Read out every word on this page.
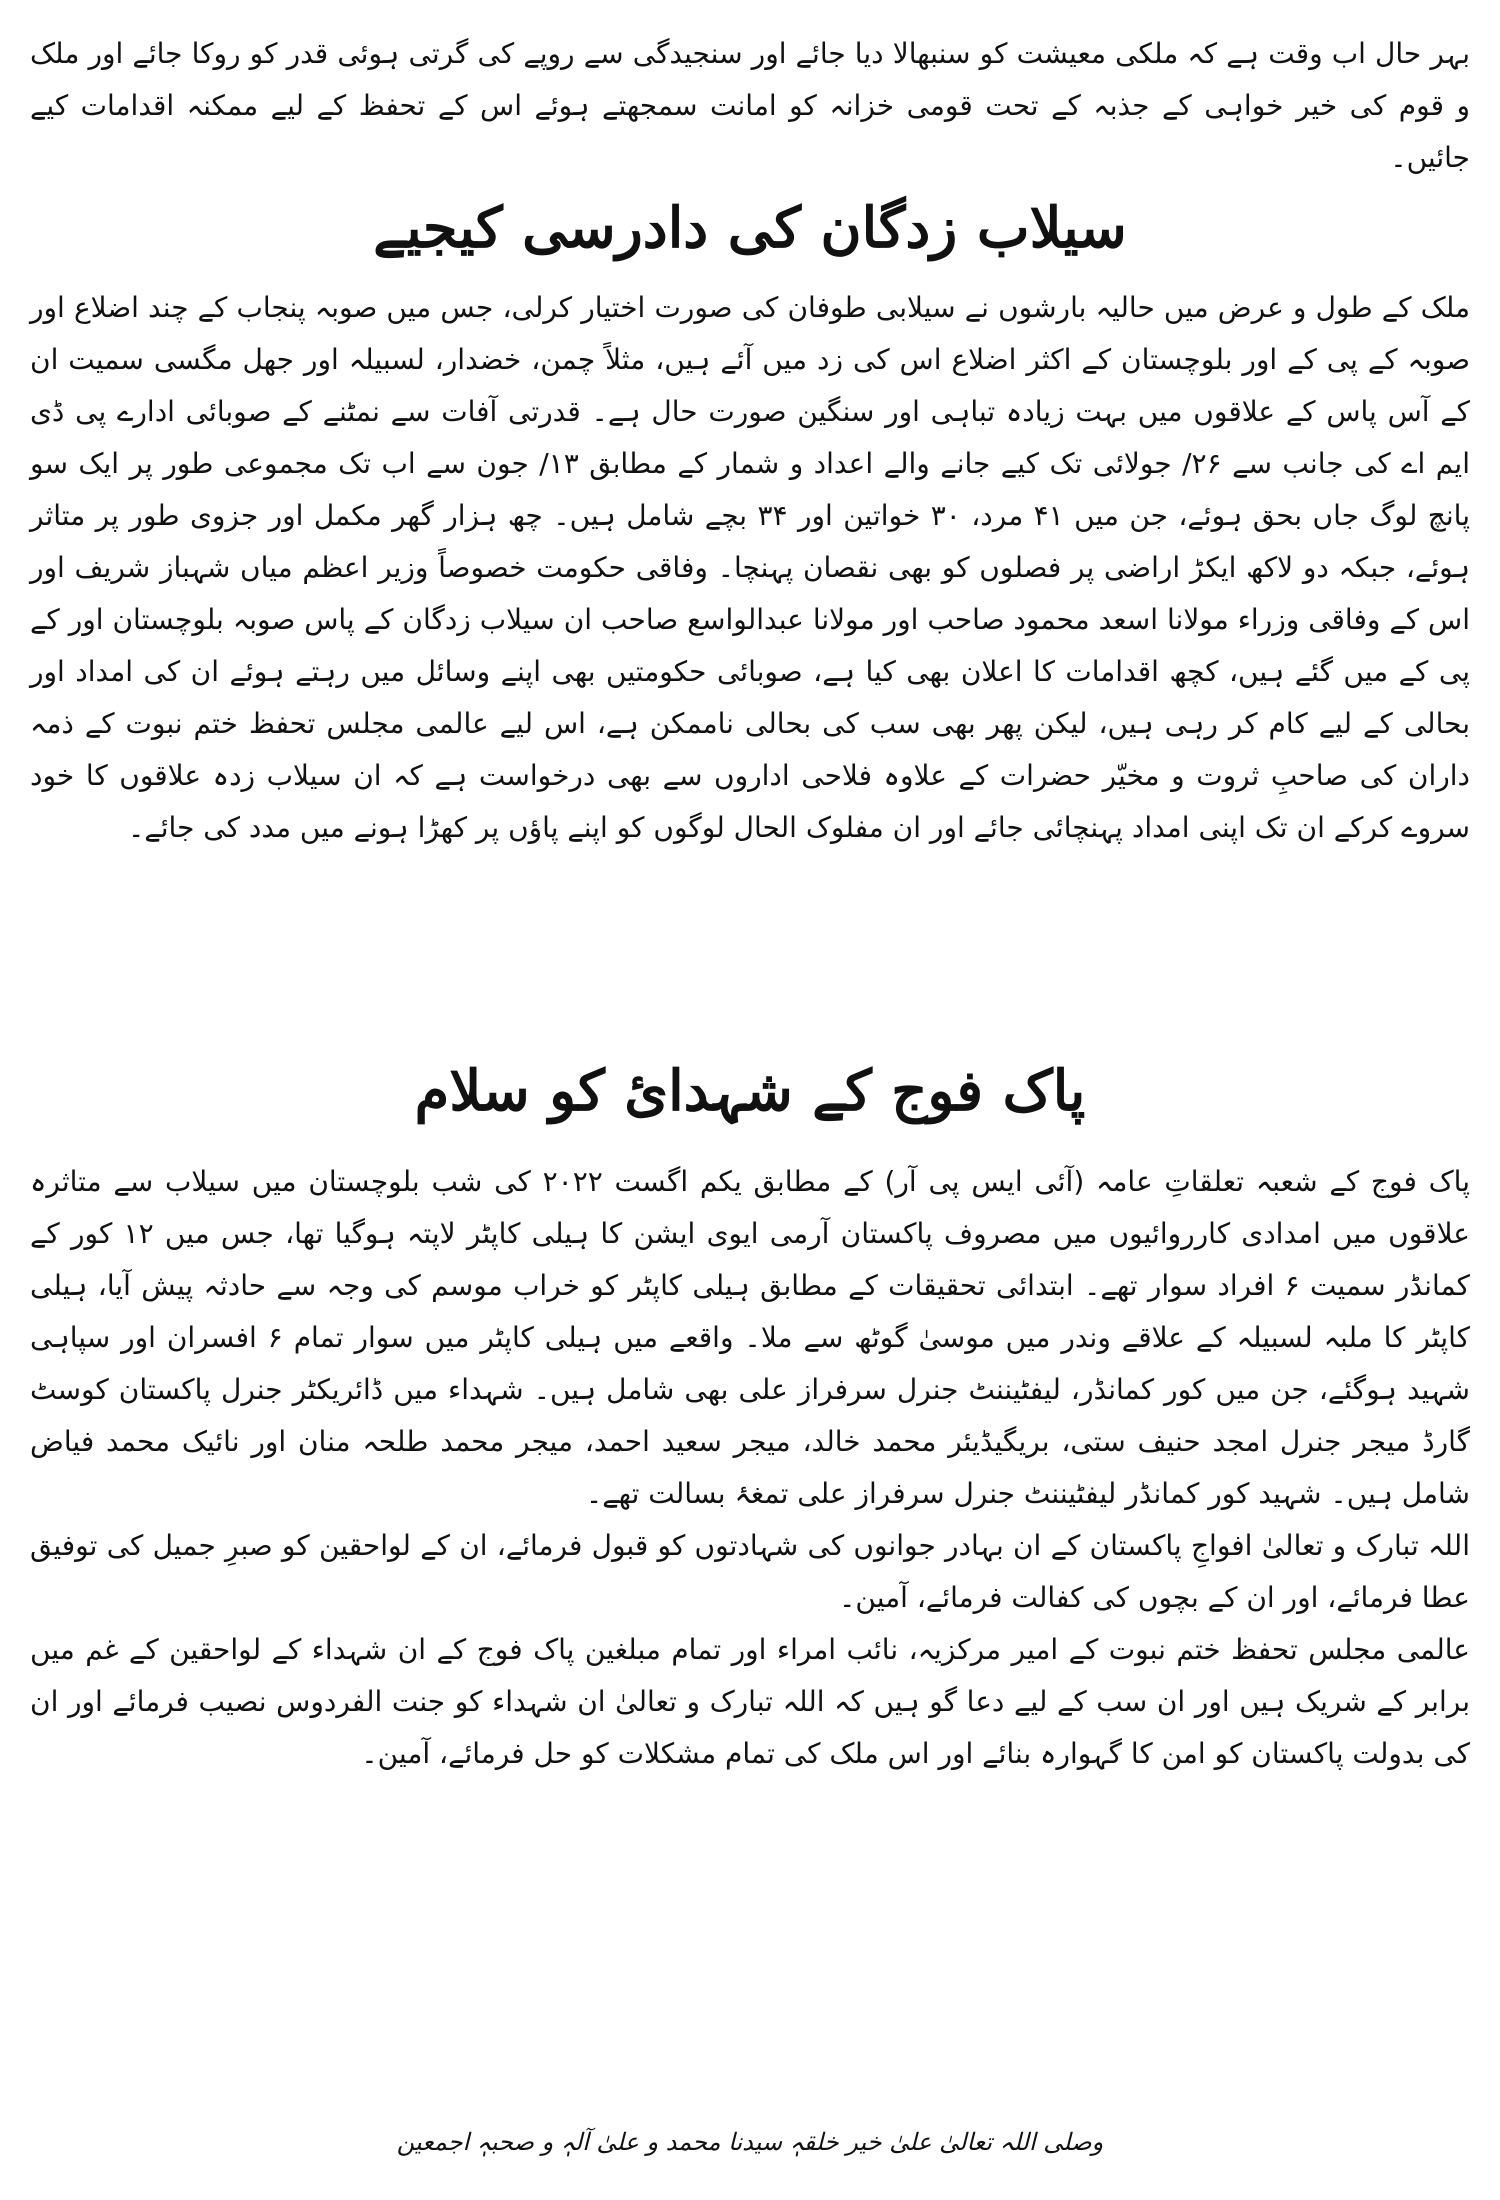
بہر حال اب وقت ہے کہ ملکی معیشت کو سنبھالا دیا جائے اور سنجیدگی سے روپے کی گرتی ہوئی قدر کو روکا جائے اور ملک و قوم کی خیر خواہی کے جذبہ کے تحت قومی خزانہ کو امانت سمجھتے ہوئے اس کے تحفظ کے لیے ممکنہ اقدامات کیے جائیں۔

سیلاب زدگان کی دادرسی کیجیے

ملک کے طول و عرض میں حالیہ بارشوں نے سیلابی طوفان کی صورت اختیار کرلی، جس میں صوبہ پنجاب کے چند اضلاع اور صوبہ کے پی کے اور بلوچستان کے اکثر اضلاع اس کی زد میں آئے ہیں، مثلاً چمن، خضدار، لسبیلہ اور جھل مگسی سمیت ان کے آس پاس کے علاقوں میں بہت زیادہ تباہی اور سنگین صورت حال ہے۔ قدرتی آفات سے نمٹنے کے صوبائی ادارے پی ڈی ایم اے کی جانب سے ۲۶/ جولائی تک کیے جانے والے اعداد و شمار کے مطابق ۱۳/ جون سے اب تک مجموعی طور پر ایک سو پانچ لوگ جاں بحق ہوئے، جن میں ۴۱ مرد، ۳۰ خواتین اور ۳۴ بچے شامل ہیں۔ چھ ہزار گھر مکمل اور جزوی طور پر متاثر ہوئے، جبکہ دو لاکھ ایکڑ اراضی پر فصلوں کو بھی نقصان پہنچا۔ وفاقی حکومت خصوصاً وزیر اعظم میاں شہباز شریف اور اس کے وفاقی وزراء مولانا اسعد محمود صاحب اور مولانا عبدالواسع صاحب ان سیلاب زدگان کے پاس صوبہ بلوچستان اور کے پی کے میں گئے ہیں، کچھ اقدامات کا اعلان بھی کیا ہے، صوبائی حکومتیں بھی اپنے وسائل میں رہتے ہوئے ان کی امداد اور بحالی کے لیے کام کر رہی ہیں، لیکن پھر بھی سب کی بحالی ناممکن ہے، اس لیے عالمی مجلس تحفظ ختم نبوت کے ذمہ داران کی صاحبِ ثروت و مخیّر حضرات کے علاوہ فلاحی اداروں سے بھی درخواست ہے کہ ان سیلاب زدہ علاقوں کا خود سروے کرکے ان تک اپنی امداد پہنچائی جائے اور ان مفلوک الحال لوگوں کو اپنے پاؤں پر کھڑا ہونے میں مدد کی جائے۔

پاک فوج کے شہدائ کو سلام

پاک فوج کے شعبہ تعلقاتِ عامہ (آئی ایس پی آر) کے مطابق یکم اگست ۲۰۲۲ کی شب بلوچستان میں سیلاب سے متاثرہ علاقوں میں امدادی کارروائیوں میں مصروف پاکستان آرمی ایوی ایشن کا ہیلی کاپٹر لاپتہ ہوگیا تھا، جس میں ۱۲ کور کے کمانڈر سمیت ۶ افراد سوار تھے۔ ابتدائی تحقیقات کے مطابق ہیلی کاپٹر کو خراب موسم کی وجہ سے حادثہ پیش آیا، ہیلی کاپٹر کا ملبہ لسبیلہ کے علاقے وندر میں موسیٰ گوٹھ سے ملا۔ واقعے میں ہیلی کاپٹر میں سوار تمام ۶ افسران اور سپاہی شہید ہوگئے، جن میں کور کمانڈر، لیفٹیننٹ جنرل سرفراز علی بھی شامل ہیں۔ شہداء میں ڈائریکٹر جنرل پاکستان کوسٹ گارڈ میجر جنرل امجد حنیف ستی، بریگیڈیئر محمد خالد، میجر سعید احمد، میجر محمد طلحہ منان اور نائیک محمد فیاض شامل ہیں۔ شہید کور کمانڈر لیفٹیننٹ جنرل سرفراز علی تمغۂ بسالت تھے۔

اللہ تبارک و تعالیٰ افواجِ پاکستان کے ان بہادر جوانوں کی شہادتوں کو قبول فرمائے، ان کے لواحقین کو صبرِ جمیل کی توفیق عطا فرمائے، اور ان کے بچوں کی کفالت فرمائے، آمین۔

عالمی مجلس تحفظ ختم نبوت کے امیر مرکزیہ، نائب امراء اور تمام مبلغین پاک فوج کے ان شہداء کے لواحقین کے غم میں برابر کے شریک ہیں اور ان سب کے لیے دعا گو ہیں کہ اللہ تبارک و تعالیٰ ان شہداء کو جنت الفردوس نصیب فرمائے اور ان کی بدولت پاکستان کو امن کا گہوارہ بنائے اور اس ملک کی تمام مشکلات کو حل فرمائے، آمین۔

وصلی اللہ تعالیٰ علیٰ خیر خلقہٖ سیدنا محمد و علیٰ آلہٖ و صحبہٖ اجمعین
